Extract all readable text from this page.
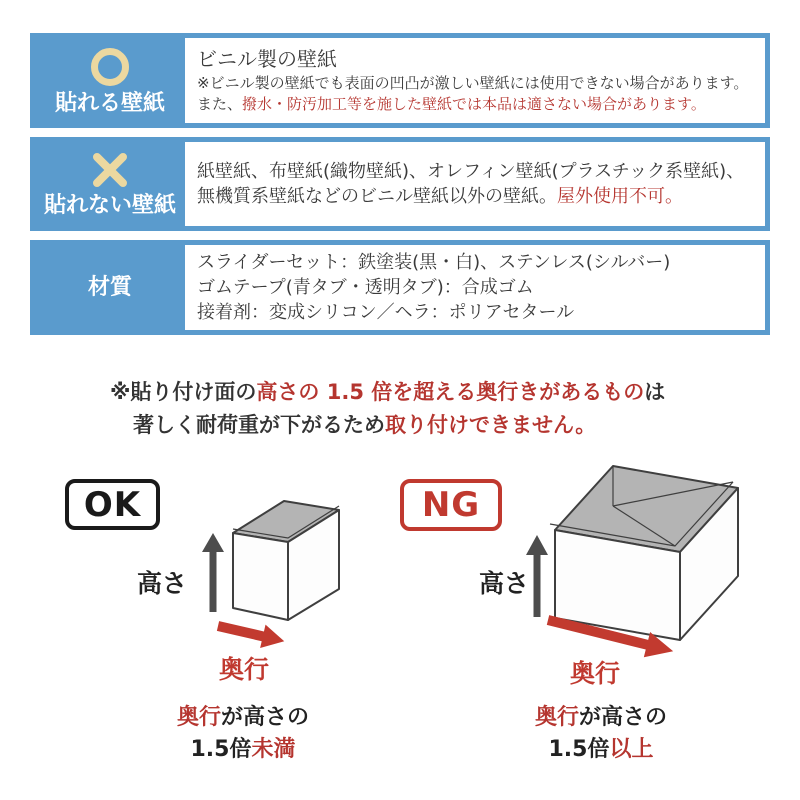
貼れる壁紙
ビニル製の壁紙
※ビニル製の壁紙でも表面の凹凸が激しい壁紙には使用できない場合があります。
また、撥水・防汚加工等を施した壁紙では本品は適さない場合があります。
貼れない壁紙
紙壁紙、布壁紙(織物壁紙)、オレフィン壁紙(プラスチック系壁紙)、
無機質系壁紙などのビニル壁紙以外の壁紙。屋外使用不可。
材質
スライダーセット：鉄塗装(黒・白)、ステンレス(シルバー)
ゴムテープ(青タブ・透明タブ)：合成ゴム
接着剤：変成シリコン／ヘラ：ポリアセタール
※貼り付け面の高さの 1.5 倍を超える奥行きがあるものは
著しく耐荷重が下がるため取り付けできません。
OK
高さ
奥行
奥行が高さの
1.5倍未満
NG
高さ
奥行
奥行が高さの
1.5倍以上
